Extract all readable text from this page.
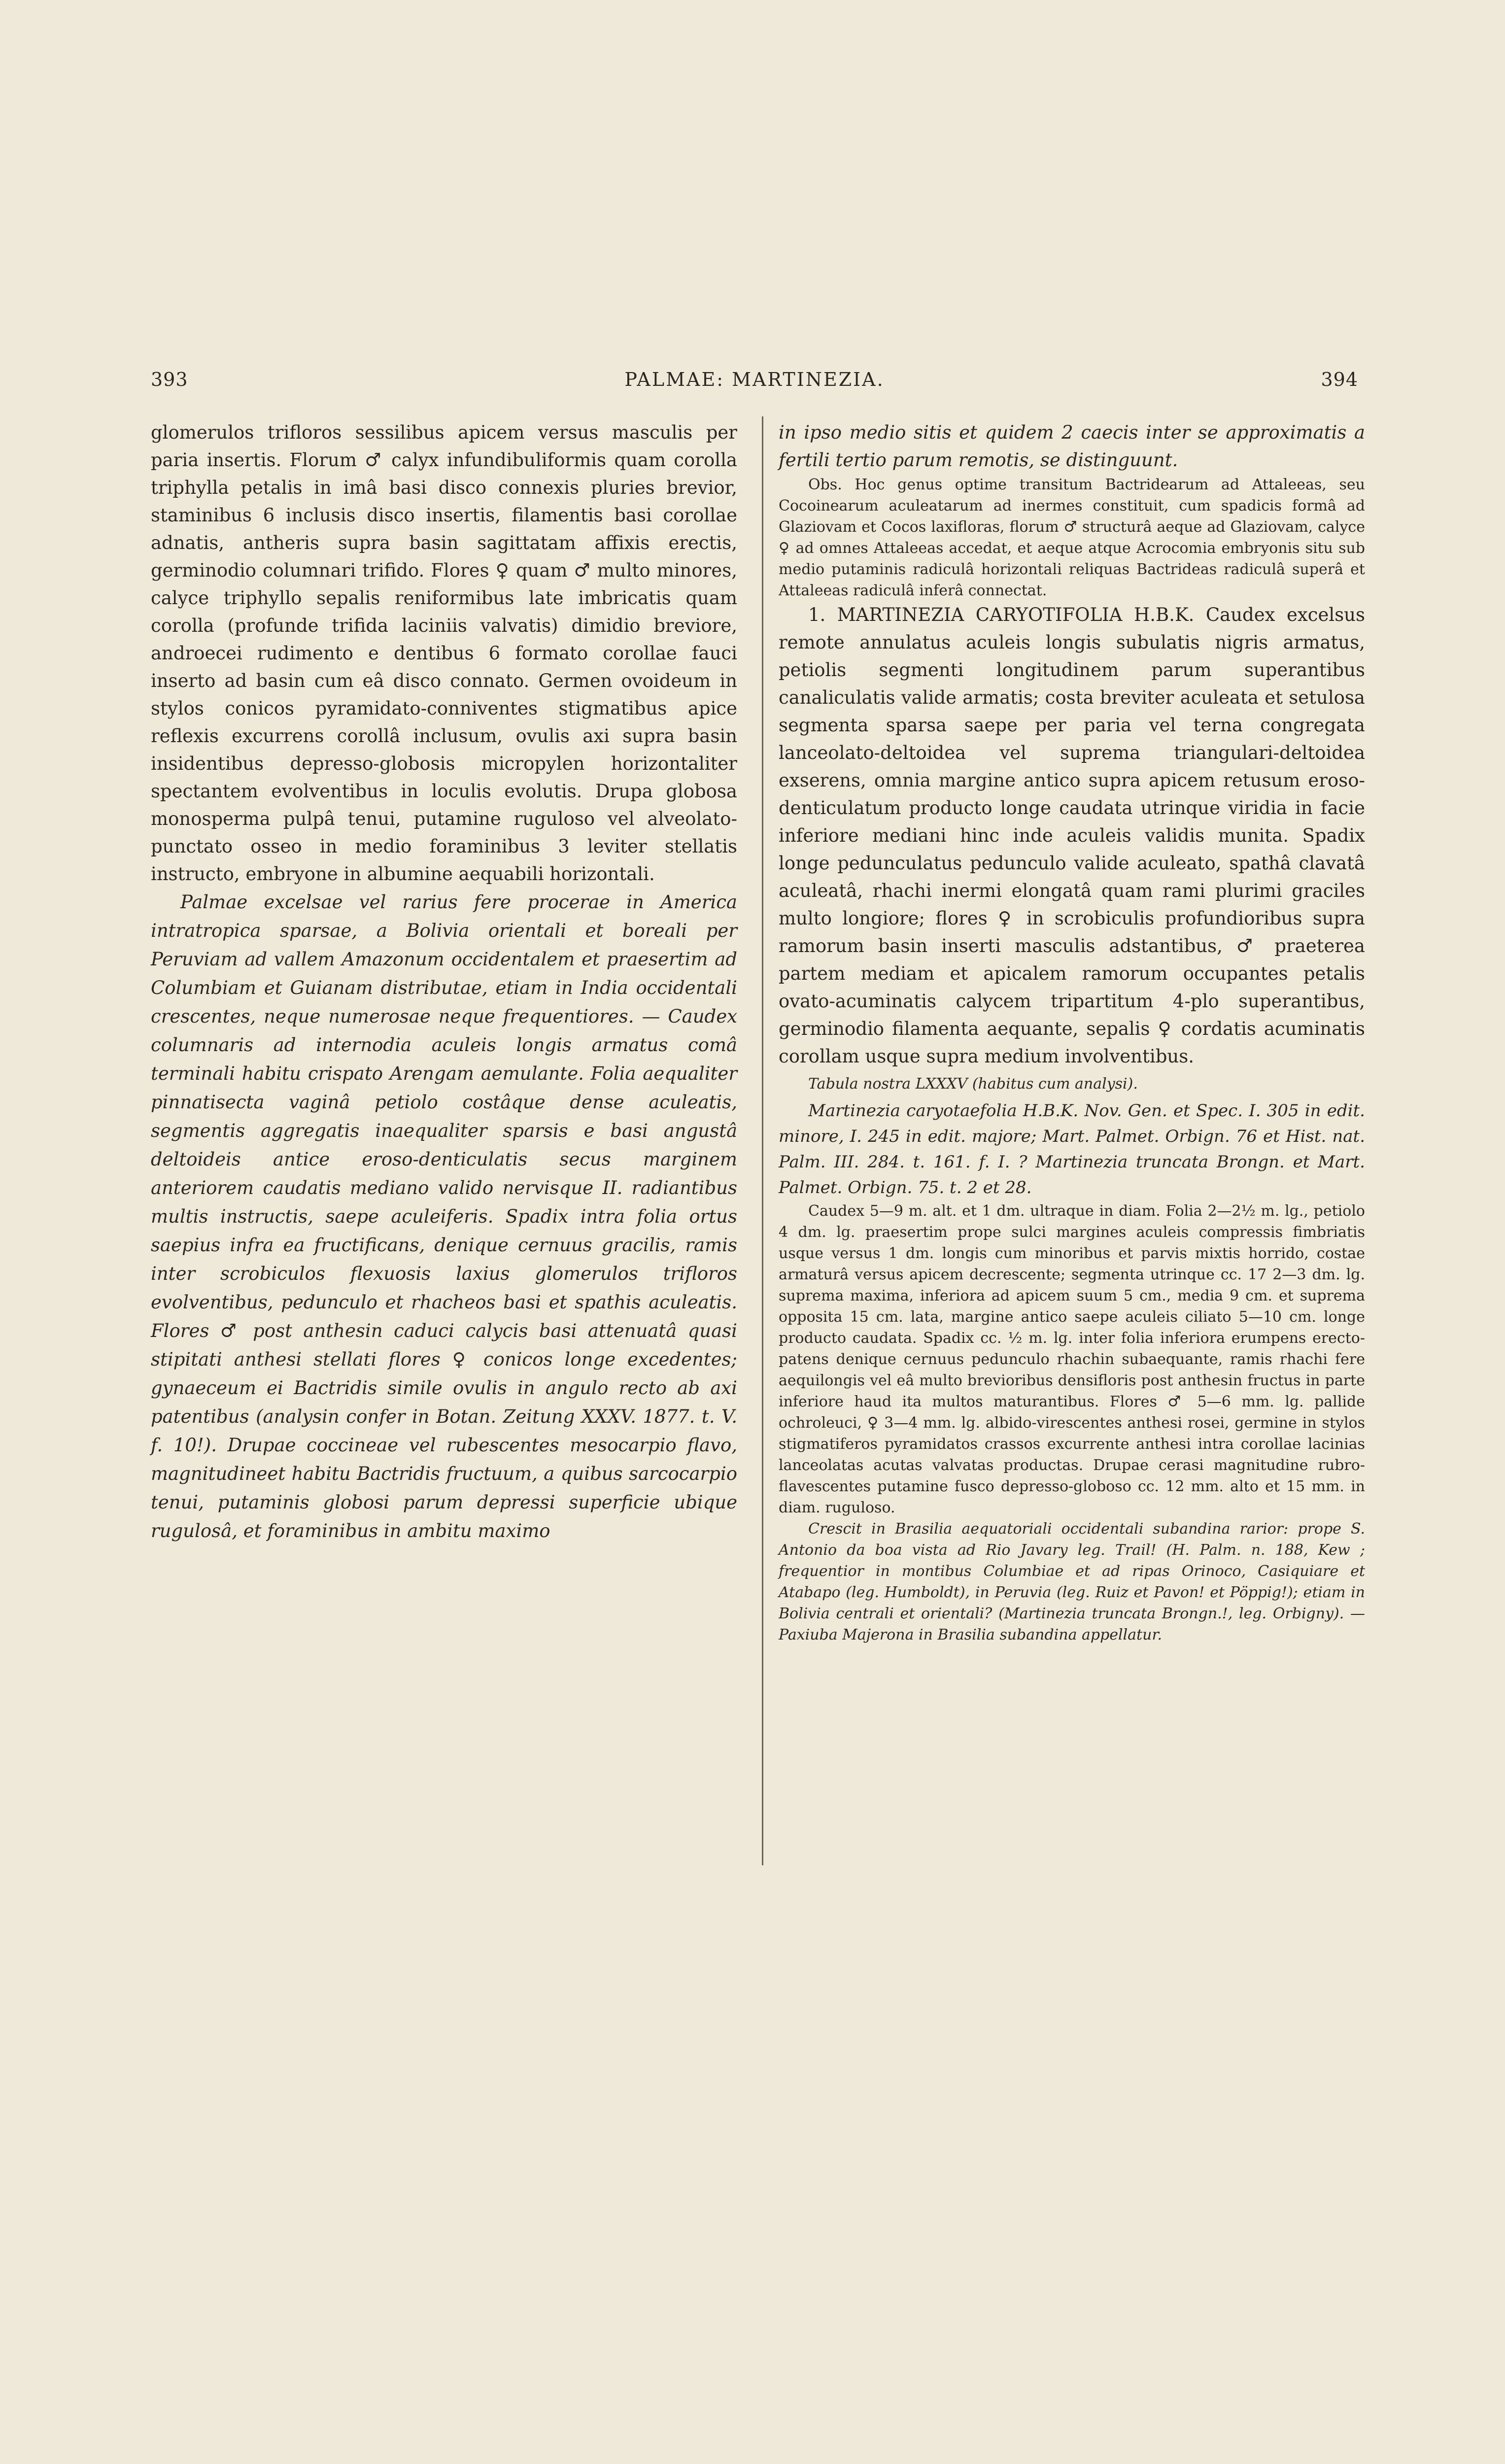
393	PALMAE: MARTINEZIA.	394

glomerulos trifloros sessilibus apicem versus masculis per paria insertis. Florum ♂ calyx infundibuliformis quam corolla triphylla petalis in imâ basi disco connexis pluries brevior, staminibus 6 inclusis disco insertis, filamentis basi corollae adnatis, antheris supra basin sagittatam affixis erectis, germinodio columnari trifido. Flores ♀ quam ♂ multo minores, calyce triphyllo sepalis reniformibus late imbricatis quam corolla (profunde trifida laciniis valvatis) dimidio breviore, androecei rudimento e dentibus 6 formato corollae fauci inserto ad basin cum eâ disco connato. Germen ovoideum in stylos conicos pyramidato-conniventes stigmatibus apice reflexis excurrens corollâ inclusum, ovulis axi supra basin insidentibus depresso-globosis micropylen horizontaliter spectantem evolventibus in loculis evolutis. Drupa globosa monosperma pulpâ tenui, putamine ruguloso vel alveolato-punctato osseo in medio foraminibus 3 leviter stellatis instructo, embryone in albumine aequabili horizontali.

Palmae excelsae vel rarius fere procerae in America intratropica sparsae, a Bolivia orientali et boreali per Peruviam ad vallem Amazonum occidentalem et praesertim ad Columbiam et Guianam distributae, etiam in India occidentali crescentes, neque numerosae neque frequentiores. — Caudex columnaris ad internodia aculeis longis armatus comâ terminali habitu crispato Arengam aemulante. Folia aequaliter pinnatisecta vaginâ petiolo costâque dense aculeatis, segmentis aggregatis inaequaliter sparsis e basi angustâ deltoideis antice eroso-denticulatis secus marginem anteriorem caudatis mediano valido nervisque II. radiantibus multis instructis, saepe aculeiferis. Spadix intra folia ortus saepius infra ea fructificans, denique cernuus gracilis, ramis inter scrobiculos flexuosis laxius glomerulos trifloros evolventibus, pedunculo et rhacheos basi et spathis aculeatis. Flores ♂ post anthesin caduci calycis basi attenuatâ quasi stipitati anthesi stellati flores ♀ conicos longe excedentes; gynaeceum ei Bactridis simile ovulis in angulo recto ab axi patentibus (analysin confer in Botan. Zeitung XXXV. 1877. t. V. f. 10!). Drupae coccineae vel rubescentes mesocarpio flavo, magnitudineet habitu Bactridis fructuum, a quibus sarcocarpio tenui, putaminis globosi parum depressi superficie ubique rugulosâ, et foraminibus in ambitu maximo

in ipso medio sitis et quidem 2 caecis inter se approximatis a fertili tertio parum remotis, se distinguunt.

Obs. Hoc genus optime transitum Bactridearum ad Attaleeas, seu Cocoinearum aculeatarum ad inermes constituit, cum spadicis formâ ad Glaziovam et Cocos laxifloras, florum ♂ structurâ aeque ad Glaziovam, calyce ♀ ad omnes Attaleeas accedat, et aeque atque Acrocomia embryonis situ sub medio putaminis radiculâ horizontali reliquas Bactrideas radiculâ superâ et Attaleeas radiculâ inferâ connectat.

1. MARTINEZIA CARYOTIFOLIA H.B.K. Caudex excelsus remote annulatus aculeis longis subulatis nigris armatus, petiolis segmenti longitudinem parum superantibus canaliculatis valide armatis; costa breviter aculeata et setulosa segmenta sparsa saepe per paria vel terna congregata lanceolato-deltoidea vel suprema triangulari-deltoidea exserens, omnia margine antico supra apicem retusum eroso-denticulatum producto longe caudata utrinque viridia in facie inferiore mediani hinc inde aculeis validis munita. Spadix longe pedunculatus pedunculo valide aculeato, spathâ clavatâ aculeatâ, rhachi inermi elongatâ quam rami plurimi graciles multo longiore; flores ♀ in scrobiculis profundioribus supra ramorum basin inserti masculis adstantibus, ♂ praeterea partem mediam et apicalem ramorum occupantes petalis ovato-acuminatis calycem tripartitum 4-plo superantibus, germinodio filamenta aequante, sepalis ♀ cordatis acuminatis corollam usque supra medium involventibus.

Tabula nostra LXXXV (habitus cum analysi).

Martinezia caryotaefolia H.B.K. Nov. Gen. et Spec. I. 305 in edit. minore, I. 245 in edit. majore; Mart. Palmet. Orbign. 76 et Hist. nat. Palm. III. 284. t. 161. f. I. ? Martinezia truncata Brongn. et Mart. Palmet. Orbign. 75. t. 2 et 28.

Caudex 5—9 m. alt. et 1 dm. ultraque in diam. Folia 2—2½ m. lg., petiolo 4 dm. lg. praesertim prope sulci margines aculeis compressis fimbriatis usque versus 1 dm. longis cum minoribus et parvis mixtis horrido, costae armaturâ versus apicem decrescente; segmenta utrinque cc. 17 2—3 dm. lg. suprema maxima, inferiora ad apicem suum 5 cm., media 9 cm. et suprema opposita 15 cm. lata, margine antico saepe aculeis ciliato 5—10 cm. longe producto caudata. Spadix cc. ½ m. lg. inter folia inferiora erumpens erecto-patens denique cernuus pedunculo rhachin subaequante, ramis rhachi fere aequilongis vel eâ multo brevioribus densifloris post anthesin fructus in parte inferiore haud ita multos maturantibus. Flores ♂ 5—6 mm. lg. pallide ochroleuci, ♀ 3—4 mm. lg. albido-virescentes anthesi rosei, germine in stylos stigmatiferos pyramidatos crassos excurrente anthesi intra corollae lacinias lanceolatas acutas valvatas productas. Drupae cerasi magnitudine rubro-flavescentes putamine fusco depresso-globoso cc. 12 mm. alto et 15 mm. in diam. ruguloso.

Crescit in Brasilia aequatoriali occidentali subandina rarior: prope S. Antonio da boa vista ad Rio Javary leg. Trail! (H. Palm. n. 188, Kew ; frequentior in montibus Columbiae et ad ripas Orinoco, Casiquiare et Atabapo (leg. Humboldt), in Peruvia (leg. Ruiz et Pavon! et Pöppig!); etiam in Bolivia centrali et orientali? (Martinezia truncata Brongn.!, leg. Orbigny). — Paxiuba Majerona in Brasilia subandina appellatur.
